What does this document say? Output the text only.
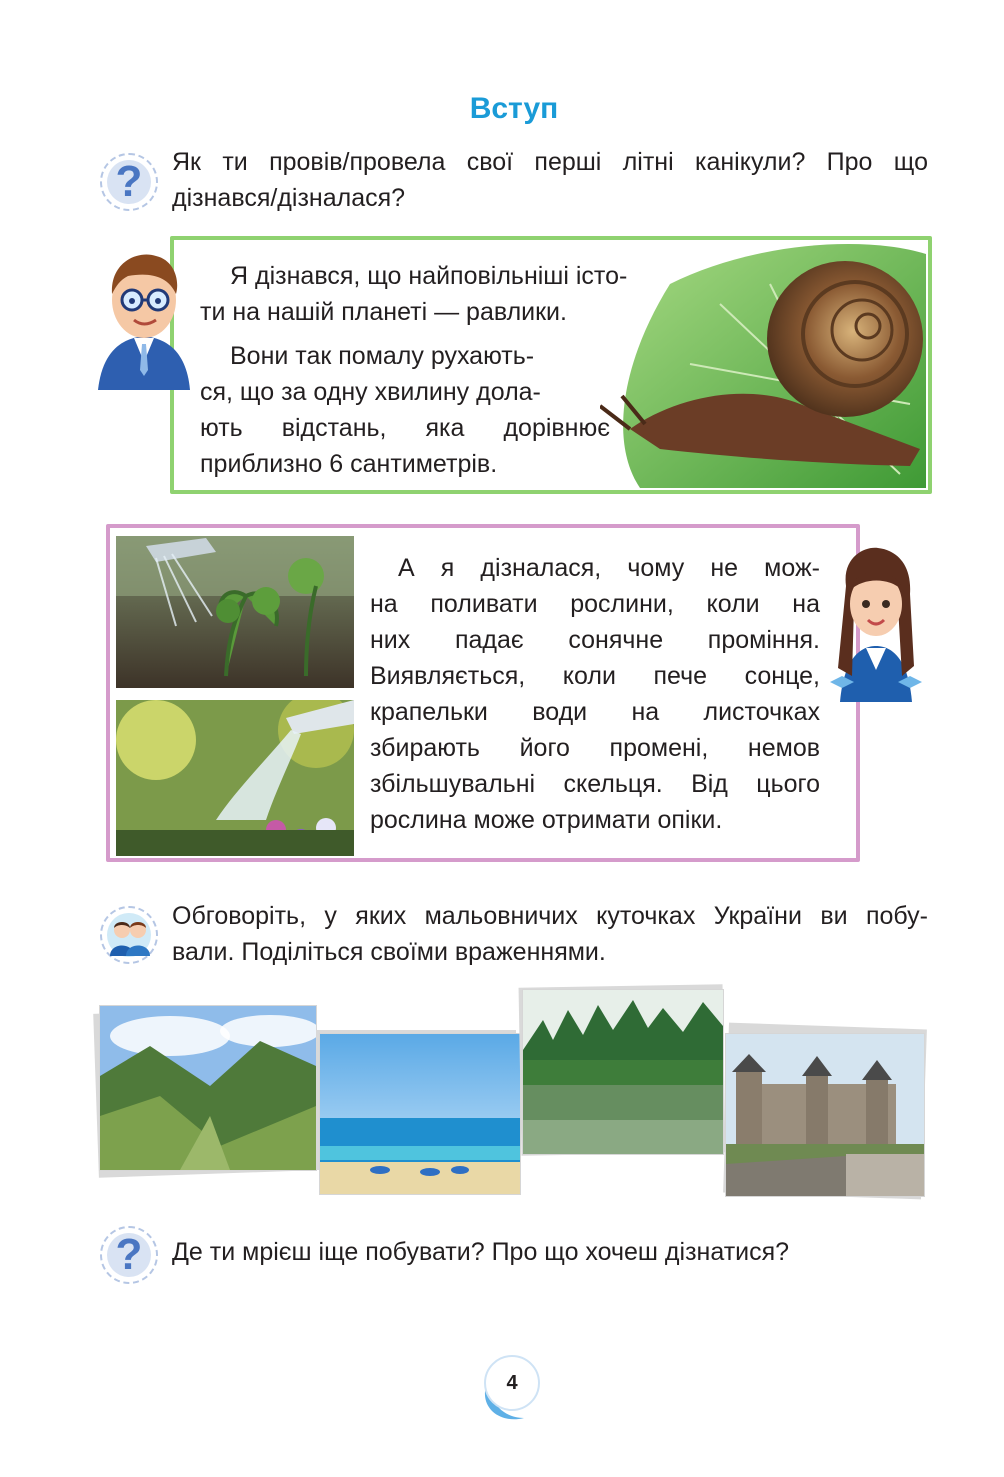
Вступ
?	Як ти провів/провела свої перші літні канікули? Про що
дізнався/дізналася?
Я дізнався, що найповільніші істо-
ти на нашій планеті — равлики.
Вони так помалу рухають-
ся, що за одну хвилину дола-
ють відстань, яка дорівнює
приблизно 6 сантиметрів.
А я дізналася, чому не мож-
на поливати рослини, коли на
них падає сонячне проміння.
Виявляється, коли пече сонце,
крапельки води на листочках
збирають його промені, немов
збільшувальні скельця. Від цього
рослина може отримати опіки.
Обговоріть, у яких мальовничих куточках України ви побу-
вали. Поділіться своїми враженнями.
?	Де ти мрієш іще побувати? Про що хочеш дізнатися?
4
